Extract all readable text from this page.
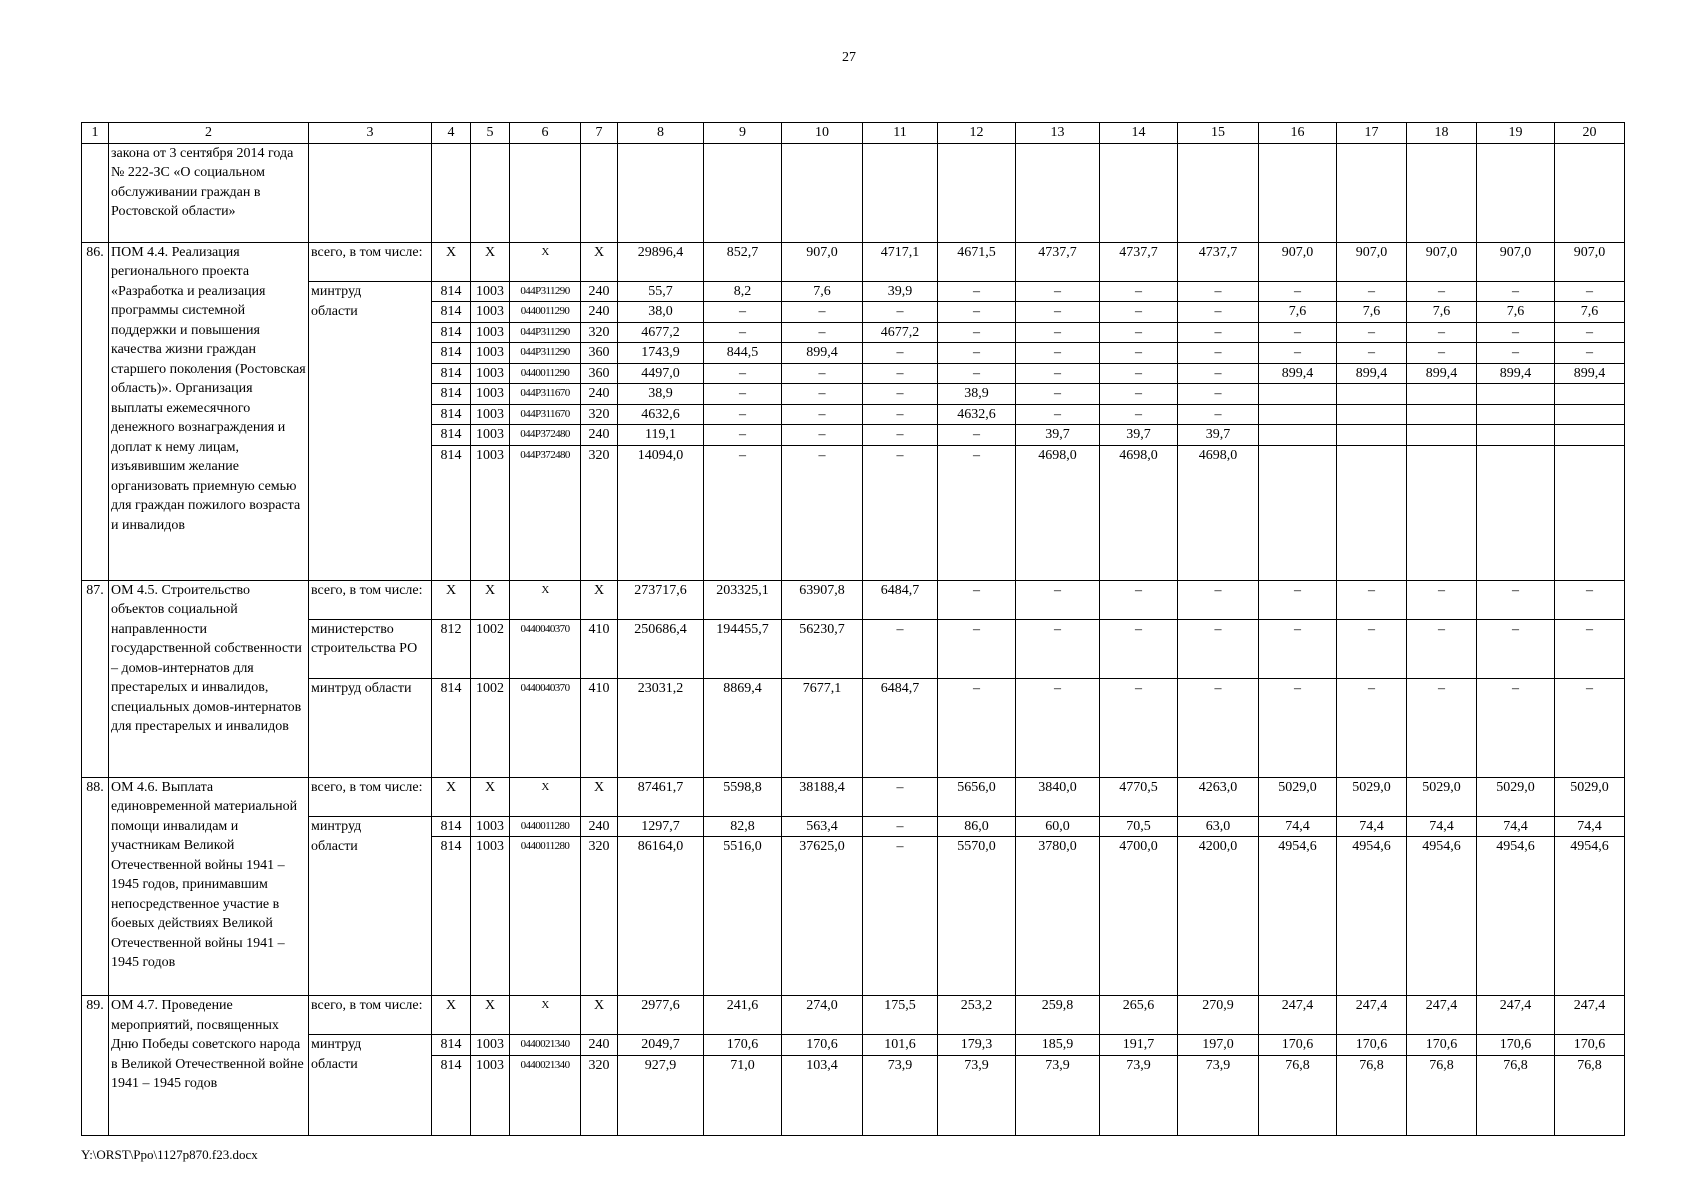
27
1	2	3	4	5	6	7	8	9	10	11	12	13	14	15	16	17	18	19	20
	закона от 3 сентября 2014 года № 222-ЗС «О социальном обслуживании граждан в Ростовской области»																		
86.	ПОМ 4.4. Реализация регионального проекта «Разработка и реализация программы системной поддержки и повышения качества жизни граждан старшего поколения (Ростовская область)». Организация выплаты ежемесячного денежного вознаграждения и доплат к нему лицам, изъявившим желание организовать приемную семью для граждан пожилого возраста и инвалидов	всего, в том числе:	X	X	X	X	29896,4	852,7	907,0	4717,1	4671,5	4737,7	4737,7	4737,7	907,0	907,0	907,0	907,0	907,0
		минтруд	814	1003	044P311290	240	55,7	8,2	7,6	39,9	–	–	–	–	–	–	–	–	–
		области	814	1003	0440011290	240	38,0	–	–	–	–	–	–	–	7,6	7,6	7,6	7,6	7,6
			814	1003	044P311290	320	4677,2	–	–	4677,2	–	–	–	–	–	–	–	–	–
			814	1003	044P311290	360	1743,9	844,5	899,4	–	–	–	–	–	–	–	–	–	–
			814	1003	0440011290	360	4497,0	–	–	–	–	–	–	–	899,4	899,4	899,4	899,4	899,4
			814	1003	044P311670	240	38,9	–	–	–	38,9	–	–	–					
			814	1003	044P311670	320	4632,6	–	–	–	4632,6	–	–	–					
			814	1003	044P372480	240	119,1	–	–	–	–	39,7	39,7	39,7					
			814	1003	044P372480	320	14094,0	–	–	–	–	4698,0	4698,0	4698,0					
87.	ОМ 4.5. Строительство объектов социальной направленности государственной собственности – домов-интернатов для престарелых и инвалидов, специальных домов-интернатов для престарелых и инвалидов	всего, в том числе:	X	X	X	X	273717,6	203325,1	63907,8	6484,7	–	–	–	–	–	–	–	–	–
		министерство строительства РО	812	1002	0440040370	410	250686,4	194455,7	56230,7	–	–	–	–	–	–	–	–	–	–
		минтруд области	814	1002	0440040370	410	23031,2	8869,4	7677,1	6484,7	–	–	–	–	–	–	–	–	–
88.	ОМ 4.6. Выплата единовременной материальной помощи инвалидам и участникам Великой Отечественной войны 1941 – 1945 годов, принимавшим непосредственное участие в боевых действиях Великой Отечественной войны 1941 – 1945 годов	всего, в том числе:	X	X	X	X	87461,7	5598,8	38188,4	–	5656,0	3840,0	4770,5	4263,0	5029,0	5029,0	5029,0	5029,0	5029,0
		минтруд	814	1003	0440011280	240	1297,7	82,8	563,4	–	86,0	60,0	70,5	63,0	74,4	74,4	74,4	74,4	74,4
		области	814	1003	0440011280	320	86164,0	5516,0	37625,0	–	5570,0	3780,0	4700,0	4200,0	4954,6	4954,6	4954,6	4954,6	4954,6
89.	ОМ 4.7. Проведение мероприятий, посвященных Дню Победы советского народа в Великой Отечественной войне 1941 – 1945 годов	всего, в том числе:	X	X	X	X	2977,6	241,6	274,0	175,5	253,2	259,8	265,6	270,9	247,4	247,4	247,4	247,4	247,4
		минтруд	814	1003	0440021340	240	2049,7	170,6	170,6	101,6	179,3	185,9	191,7	197,0	170,6	170,6	170,6	170,6	170,6
		области	814	1003	0440021340	320	927,9	71,0	103,4	73,9	73,9	73,9	73,9	73,9	76,8	76,8	76,8	76,8	76,8
Y:\ORST\Ppo\1127p870.f23.docx
